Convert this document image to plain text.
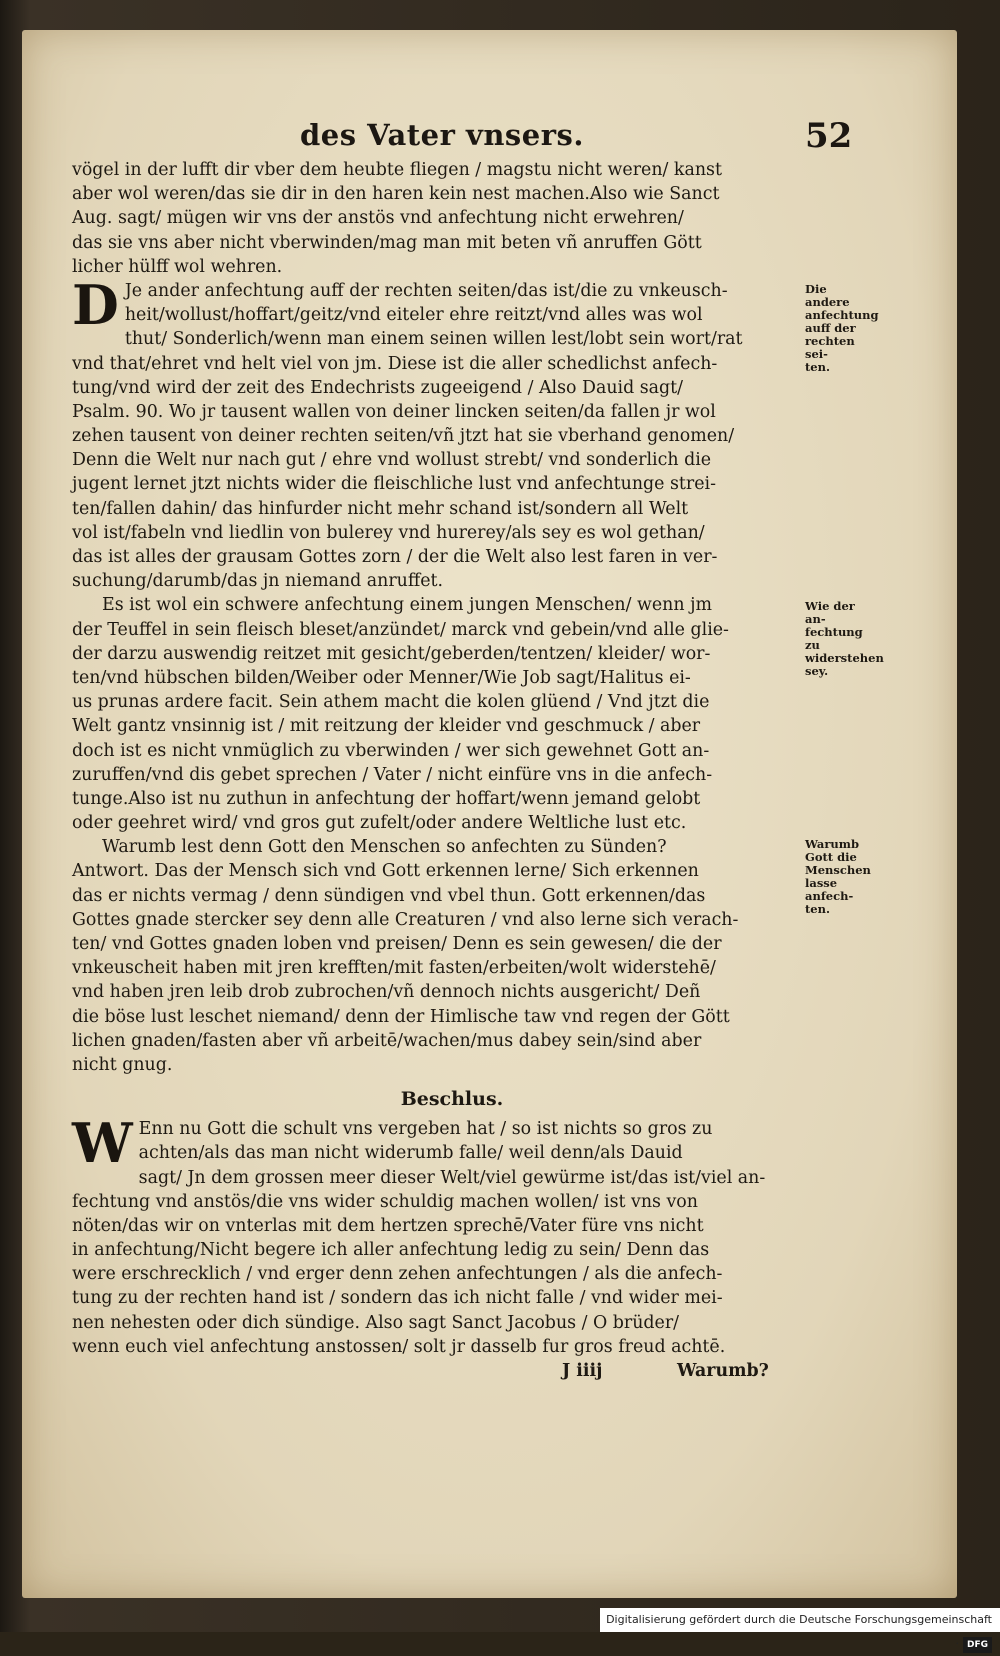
des Vater vnsers.	52
vögel in der lufft dir vber dem heubte fliegen / magstu nicht weren/ kanst
aber wol weren/das sie dir in den haren kein nest machen.Also wie Sanct
Aug. sagt/ mügen wir vns der anstös vnd anfechtung nicht erwehren/
das sie vns aber nicht vberwinden/mag man mit beten vñ anruffen Gött
licher hülff wol wehren.
D Je ander anfechtung auff der rechten seiten/das ist/die zu vnkeusch-
heit/wollust/hoffart/geitz/vnd eiteler ehre reitzt/vnd alles was wol
thut/ Sonderlich/wenn man einem seinen willen lest/lobt sein wort/rat
vnd that/ehret vnd helt viel von jm. Diese ist die aller schedlichst anfech-
tung/vnd wird der zeit des Endechrists zugeeigend / Also Dauid sagt/
Psalm. 90. Wo jr tausent wallen von deiner lincken seiten/da fallen jr wol
zehen tausent von deiner rechten seiten/vñ jtzt hat sie vberhand genomen/
Denn die Welt nur nach gut / ehre vnd wollust strebt/ vnd sonderlich die
jugent lernet jtzt nichts wider die fleischliche lust vnd anfechtunge strei-
ten/fallen dahin/ das hinfurder nicht mehr schand ist/sondern all Welt
vol ist/fabeln vnd liedlin von bulerey vnd hurerey/als sey es wol gethan/
das ist alles der grausam Gottes zorn / der die Welt also lest faren in ver-
suchung/darumb/das jn niemand anruffet.
Es ist wol ein schwere anfechtung einem jungen Menschen/ wenn jm
der Teuffel in sein fleisch bleset/anzündet/ marck vnd gebein/vnd alle glie-
der darzu auswendig reitzet mit gesicht/geberden/tentzen/ kleider/ wor-
ten/vnd hübschen bilden/Weiber oder Menner/Wie Job sagt/Halitus ei-
us prunas ardere facit. Sein athem macht die kolen glüend / Vnd jtzt die
Welt gantz vnsinnig ist / mit reitzung der kleider vnd geschmuck / aber
doch ist es nicht vnmüglich zu vberwinden / wer sich gewehnet Gott an-
zuruffen/vnd dis gebet sprechen / Vater / nicht einfüre vns in die anfech-
tunge.Also ist nu zuthun in anfechtung der hoffart/wenn jemand gelobt
oder geehret wird/ vnd gros gut zufelt/oder andere Weltliche lust etc.
Warumb lest denn Gott den Menschen so anfechten zu Sünden?
Antwort. Das der Mensch sich vnd Gott erkennen lerne/ Sich erkennen
das er nichts vermag / denn sündigen vnd vbel thun. Gott erkennen/das
Gottes gnade stercker sey denn alle Creaturen / vnd also lerne sich verach-
ten/ vnd Gottes gnaden loben vnd preisen/ Denn es sein gewesen/ die der
vnkeuscheit haben mit jren krefften/mit fasten/erbeiten/wolt widerstehē/
vnd haben jren leib drob zubrochen/vñ dennoch nichts ausgericht/ Deñ
die böse lust leschet niemand/ denn der Himlische taw vnd regen der Gött
lichen gnaden/fasten aber vñ arbeitē/wachen/mus dabey sein/sind aber
nicht gnug.
Beschlus.
W Enn nu Gott die schult vns vergeben hat / so ist nichts so gros zu
achten/als das man nicht widerumb falle/ weil denn/als Dauid
sagt/ Jn dem grossen meer dieser Welt/viel gewürme ist/das ist/viel an-
fechtung vnd anstös/die vns wider schuldig machen wollen/ ist vns von
nöten/das wir on vnterlas mit dem hertzen sprechē/Vater füre vns nicht
in anfechtung/Nicht begere ich aller anfechtung ledig zu sein/ Denn das
were erschrecklich / vnd erger denn zehen anfechtungen / als die anfech-
tung zu der rechten hand ist / sondern das ich nicht falle / vnd wider mei-
nen nehesten oder dich sündige. Also sagt Sanct Jacobus / O brüder/
wenn euch viel anfechtung anstossen/ solt jr dasselb fur gros freud achtē.
J iiij	Warumb?
Die andere
anfechtung
auff der
rechten sei-
ten.
Wie der an-
fechtung zu
widerstehen
sey.
Warumb
Gott die
Menschen
lasse anfech-
ten.
Digitalisierung gefördert durch die Deutsche Forschungsgemeinschaft · DFG
